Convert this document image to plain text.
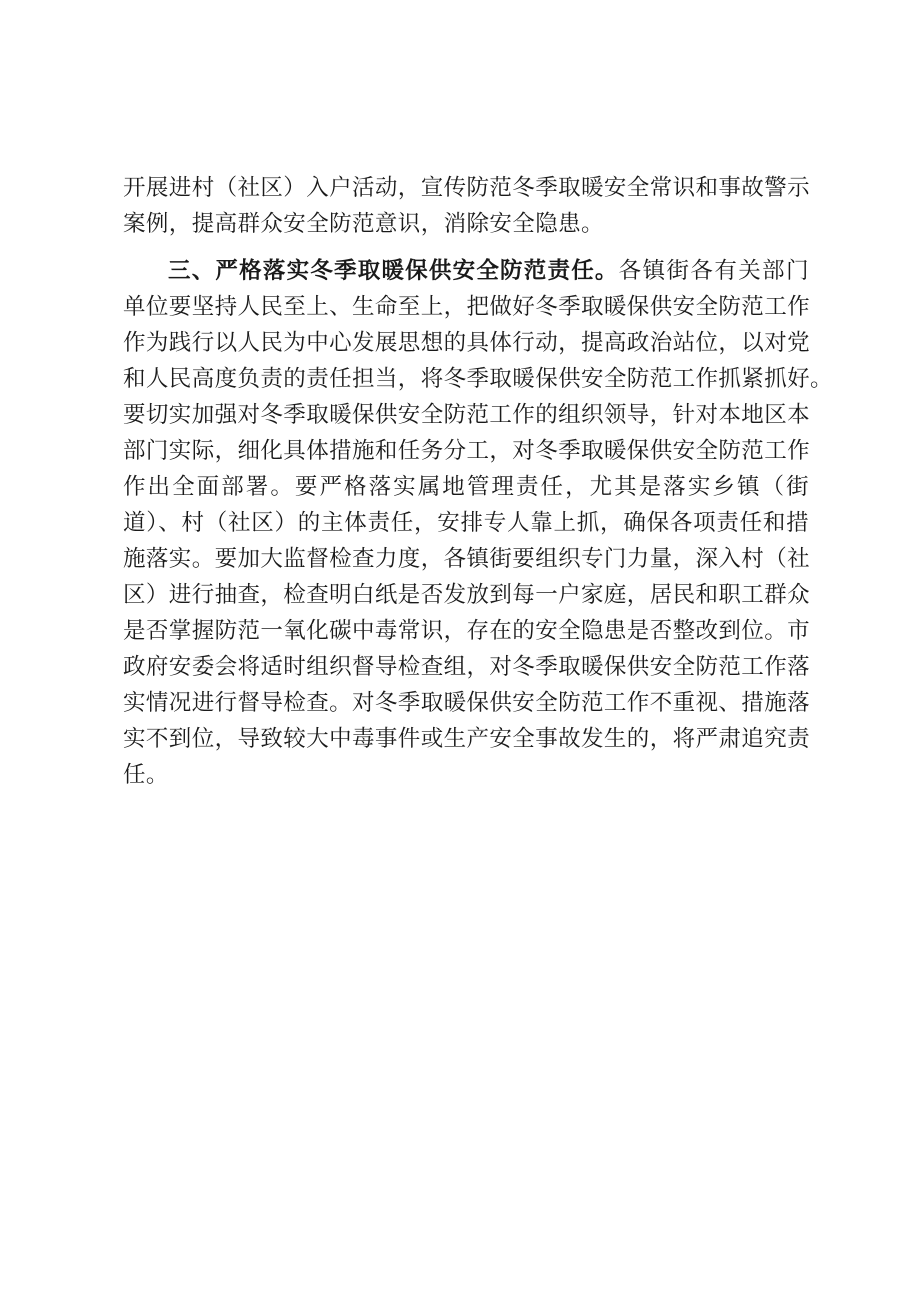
开展进村（社区）入户活动，宣传防范冬季取暖安全常识和事故警示
案例，提高群众安全防范意识，消除安全隐患。
三、严格落实冬季取暖保供安全防范责任。各镇街各有关部门
单位要坚持人民至上、生命至上，把做好冬季取暖保供安全防范工作
作为践行以人民为中心发展思想的具体行动，提高政治站位，以对党
和人民高度负责的责任担当，将冬季取暖保供安全防范工作抓紧抓好。
要切实加强对冬季取暖保供安全防范工作的组织领导，针对本地区本
部门实际，细化具体措施和任务分工，对冬季取暖保供安全防范工作
作出全面部署。要严格落实属地管理责任，尤其是落实乡镇（街
道）、村（社区）的主体责任，安排专人靠上抓，确保各项责任和措
施落实。要加大监督检查力度，各镇街要组织专门力量，深入村（社
区）进行抽查，检查明白纸是否发放到每一户家庭，居民和职工群众
是否掌握防范一氧化碳中毒常识，存在的安全隐患是否整改到位。市
政府安委会将适时组织督导检查组，对冬季取暖保供安全防范工作落
实情况进行督导检查。对冬季取暖保供安全防范工作不重视、措施落
实不到位，导致较大中毒事件或生产安全事故发生的，将严肃追究责
任。
